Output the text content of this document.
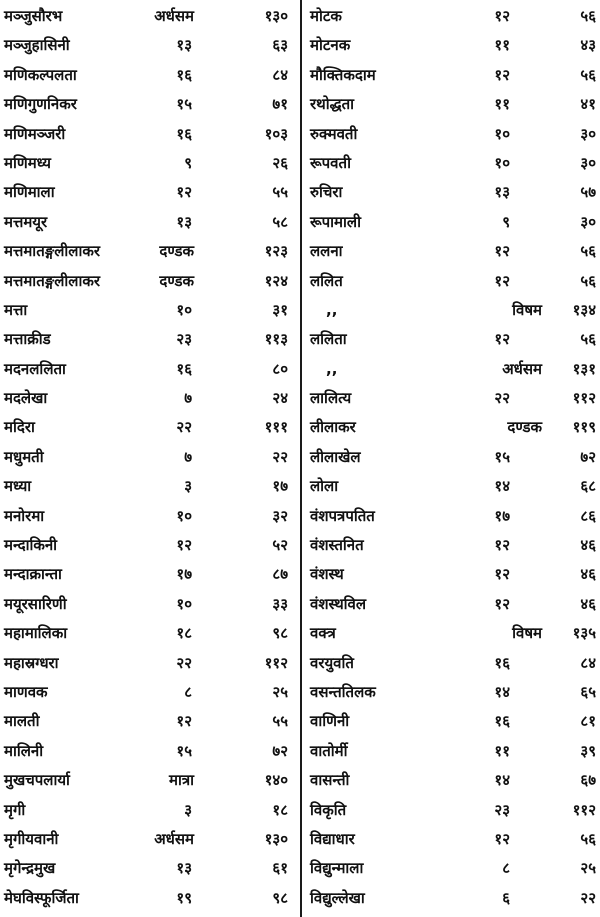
मञ्जुसौरभ	अर्धसम	१३०
मञ्जुहासिनी	१३	६३
मणिकल्पलता	१६	८४
मणिगुणनिकर	१५	७१
मणिमञ्जरी	१६	१०३
मणिमध्य	९	२६
मणिमाला	१२	५५
मत्तमयूर	१३	५८
मत्तमातङ्गलीलाकर	दण्डक	१२३
मत्तमातङ्गलीलाकर	दण्डक	१२४
मत्ता	१०	३१
मत्ताक्रीड	२३	११३
मदनललिता	१६	८०
मदलेखा	७	२४
मदिरा	२२	१११
मधुमती	७	२२
मध्या	३	१७
मनोरमा	१०	३२
मन्दाकिनी	१२	५२
मन्दाक्रान्ता	१७	८७
मयूरसारिणी	१०	३३
महामालिका	१८	९८
महास्रग्धरा	२२	११२
माणवक	८	२५
मालती	१२	५५
मालिनी	१५	७२
मुखचपलार्या	मात्रा	१४०
मृगी	३	१८
मृगीयवानी	अर्धसम	१३०
मृगेन्द्रमुख	१३	६१
मेघविस्फूर्जिता	१९	९८
मोटक	१२	५६
मोटनक	११	४३
मौक्तिकदाम	१२	५६
रथोद्धता	११	४१
रुक्मवती	१०	३०
रूपवती	१०	३०
रुचिरा	१३	५७
रूपामाली	९	३०
ललना	१२	५६
ललित	१२	५६
,,	विषम १३४
ललिता	१२	५६
,,	अर्धसम १३१
लालित्य	२२	११२
लीलाकर	दण्डक ११९
लीलाखेल	१५	७२
लोला	१४	६८
वंशपत्रपतित	१७	८६
वंशस्तनित	१२	४६
वंशस्थ	१२	४६
वंशस्थविल	१२	४६
वक्त्र	विषम १३५
वरयुवति	१६	८४
वसन्ततिलक	१४	६५
वाणिनी	१६	८१
वातोर्मी	११	३९
वासन्ती	१४	६७
विकृति	२३	११२
विद्याधार	१२	५६
विद्युन्माला	८	२५
विद्युल्लेखा	६	२२
